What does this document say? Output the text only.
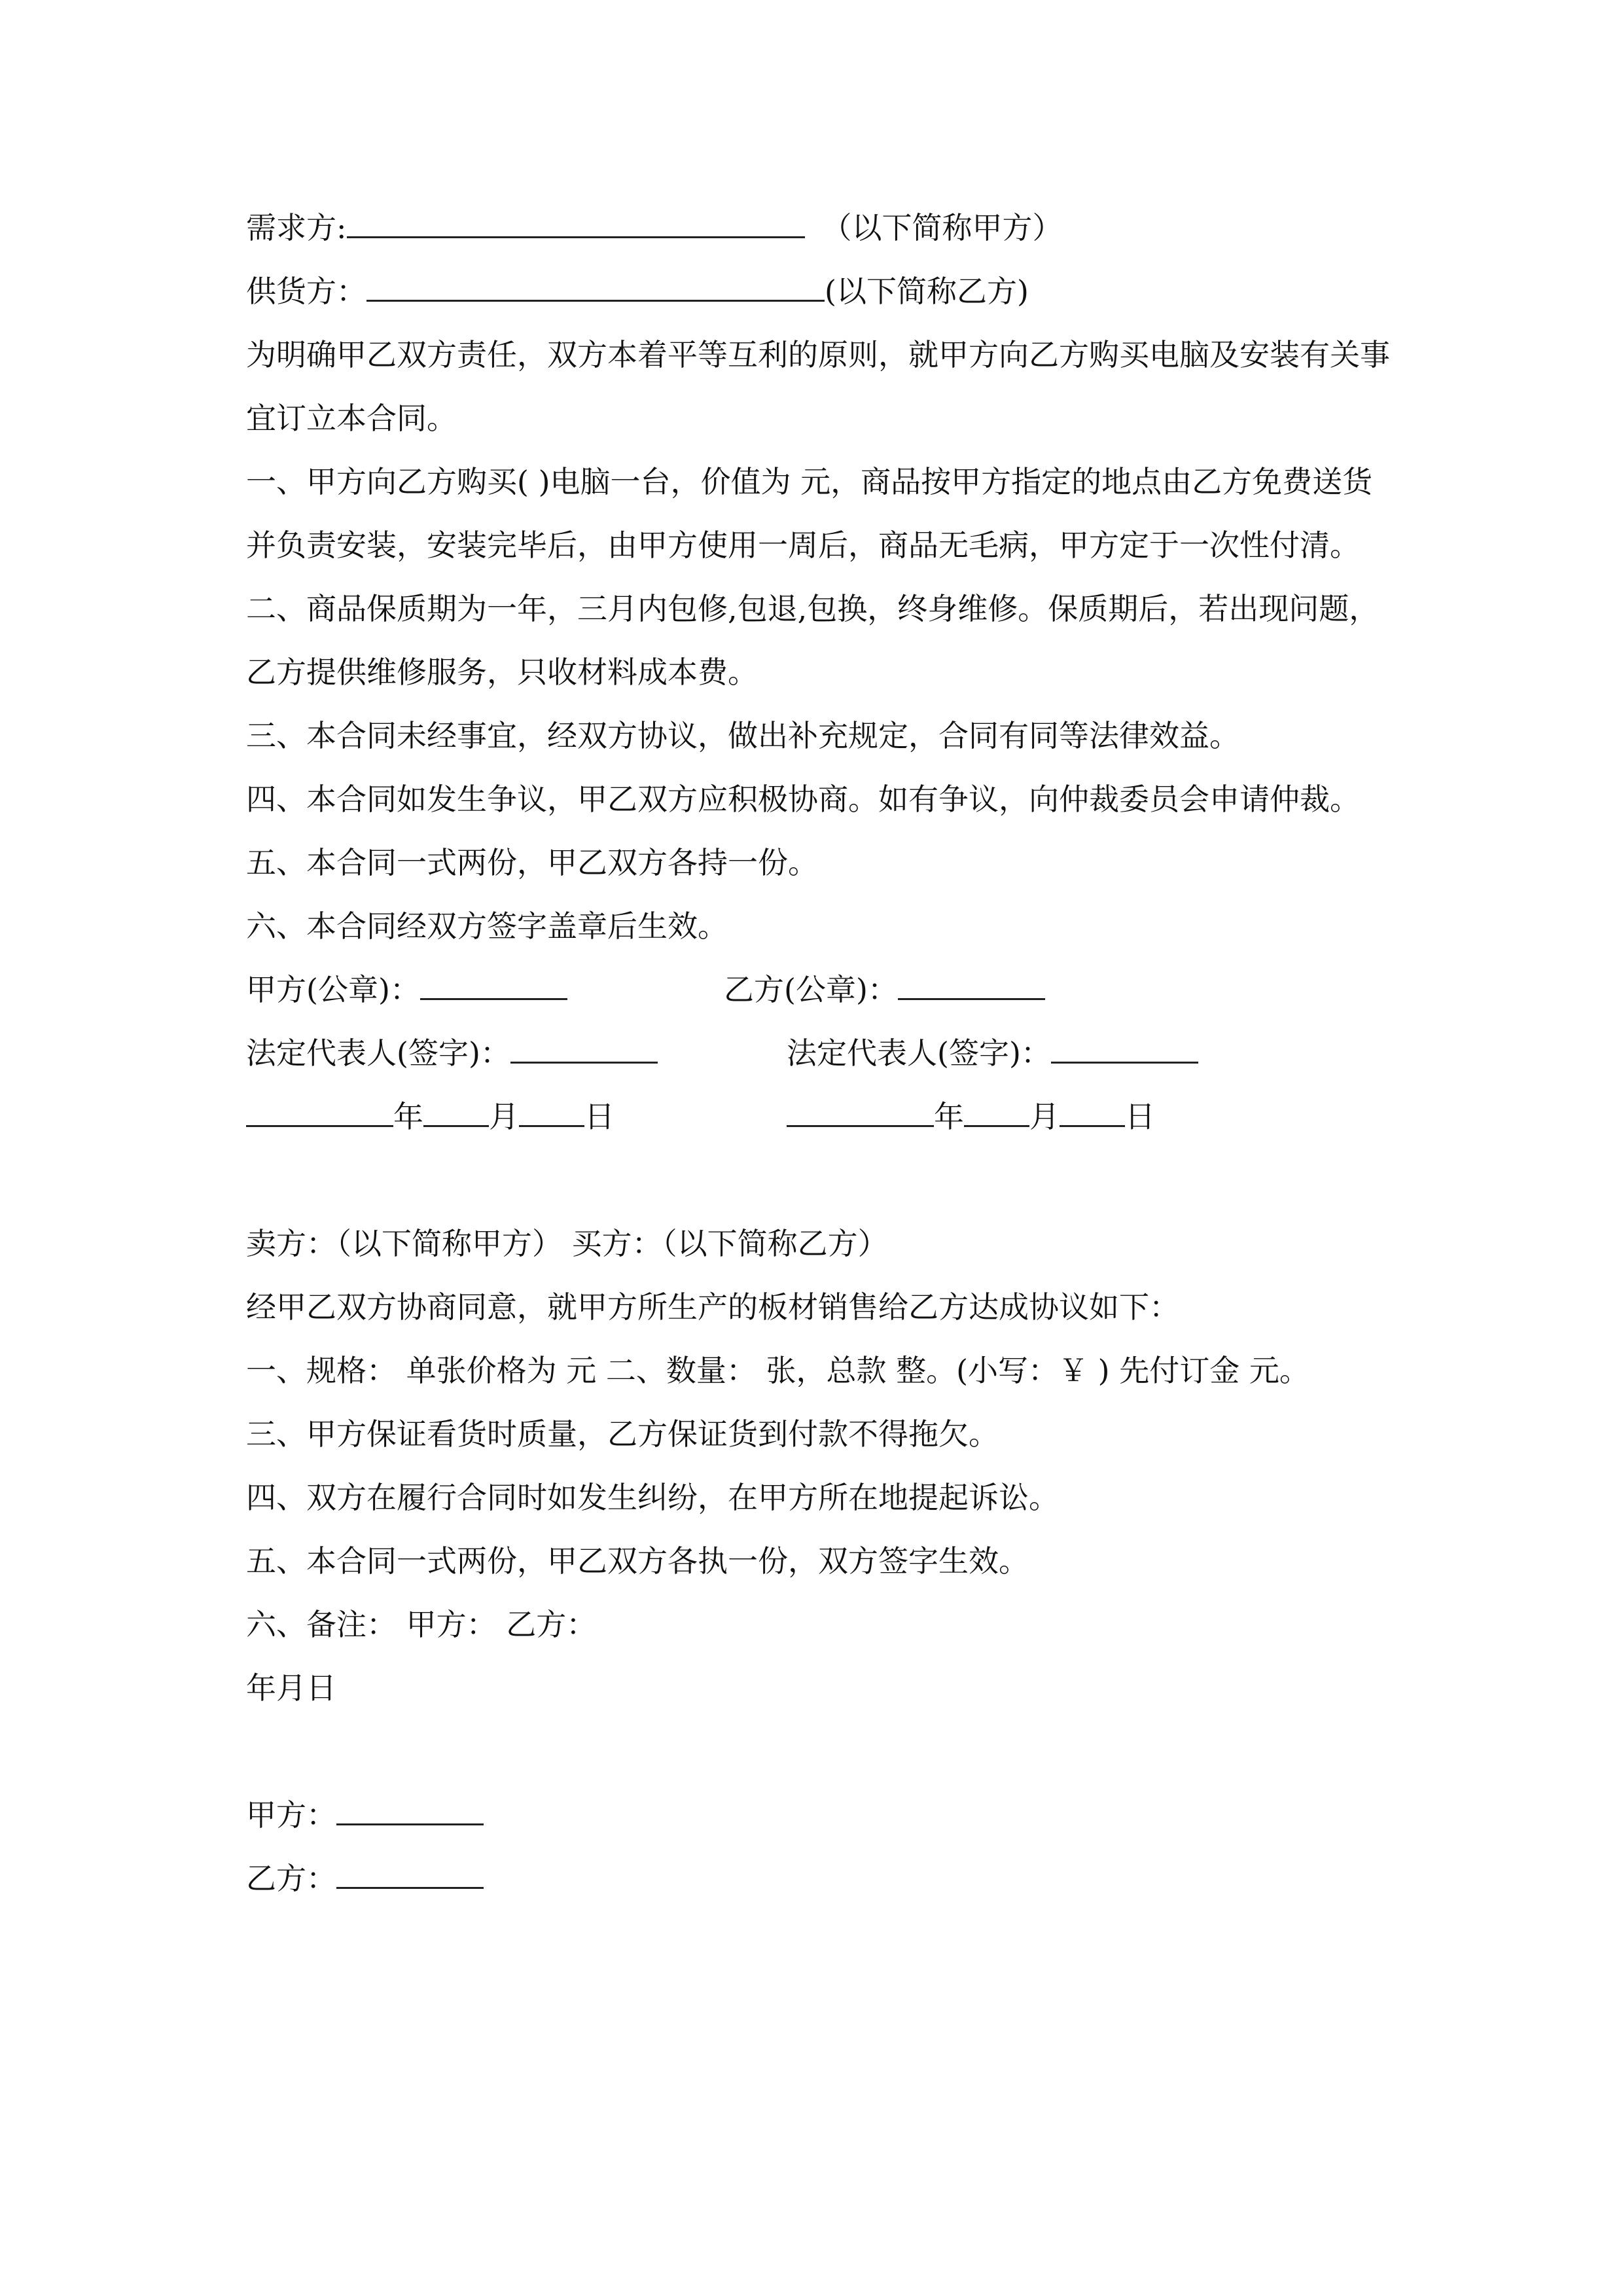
需求方:	（以下简称甲方）
供货方：	(以下简称乙方)
为明确甲乙双方责任，双方本着平等互利的原则，就甲方向乙方购买电脑及安装有关事宜订立本合同。
一、甲方向乙方购买( )电脑一台，价值为 元，商品按甲方指定的地点由乙方免费送货并负责安装，安装完毕后，由甲方使用一周后，商品无毛病，甲方定于一次性付清。
二、商品保质期为一年，三月内包修,包退,包换，终身维修。保质期后，若出现问题，乙方提供维修服务，只收材料成本费。
三、本合同未经事宜，经双方协议，做出补充规定，合同有同等法律效益。
四、本合同如发生争议，甲乙双方应积极协商。如有争议，向仲裁委员会申请仲裁。
五、本合同一式两份，甲乙双方各持一份。
六、本合同经双方签字盖章后生效。
甲方(公章)：	乙方(公章)：
法定代表人(签字)：	法定代表人(签字)：
年 月 日	年 月 日
卖方：（以下简称甲方） 买方：（以下简称乙方）
经甲乙双方协商同意，就甲方所生产的板材销售给乙方达成协议如下：
一、规格： 单张价格为 元 二、数量： 张，总款 整。(小写：￥ ) 先付订金 元。
三、甲方保证看货时质量，乙方保证货到付款不得拖欠。
四、双方在履行合同时如发生纠纷，在甲方所在地提起诉讼。
五、本合同一式两份，甲乙双方各执一份，双方签字生效。
六、备注： 甲方： 乙方：
年月日
甲方：
乙方：
